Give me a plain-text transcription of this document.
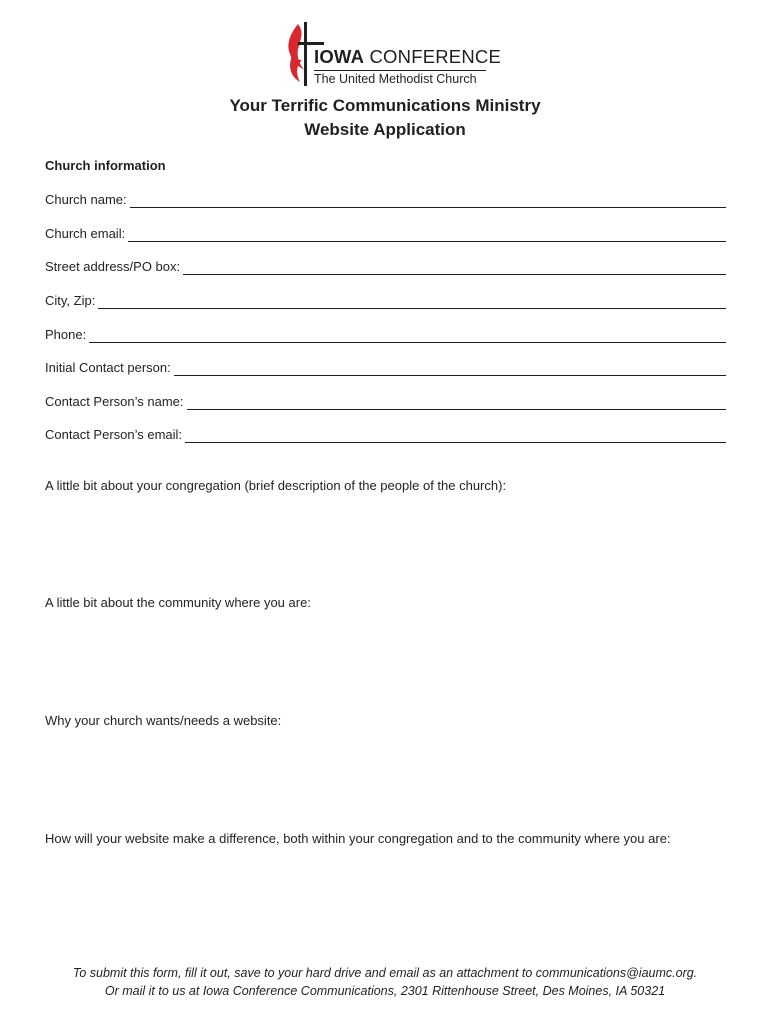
IOWA CONFERENCE
The United Methodist Church
Your Terrific Communications Ministry
Website Application
Church information
Church name:
Church email:
Street address/PO box:
City, Zip:
Phone:
Initial Contact person:
Contact Person’s name:
Contact Person’s email:
A little bit about your congregation (brief description of the people of the church):
A little bit about the community where you are:
Why your church wants/needs a website:
How will your website make a difference, both within your congregation and to the community where you are:
To submit this form, fill it out, save to your hard drive and email as an attachment to communications@iaumc.org.
Or mail it to us at Iowa Conference Communications, 2301 Rittenhouse Street, Des Moines, IA 50321
